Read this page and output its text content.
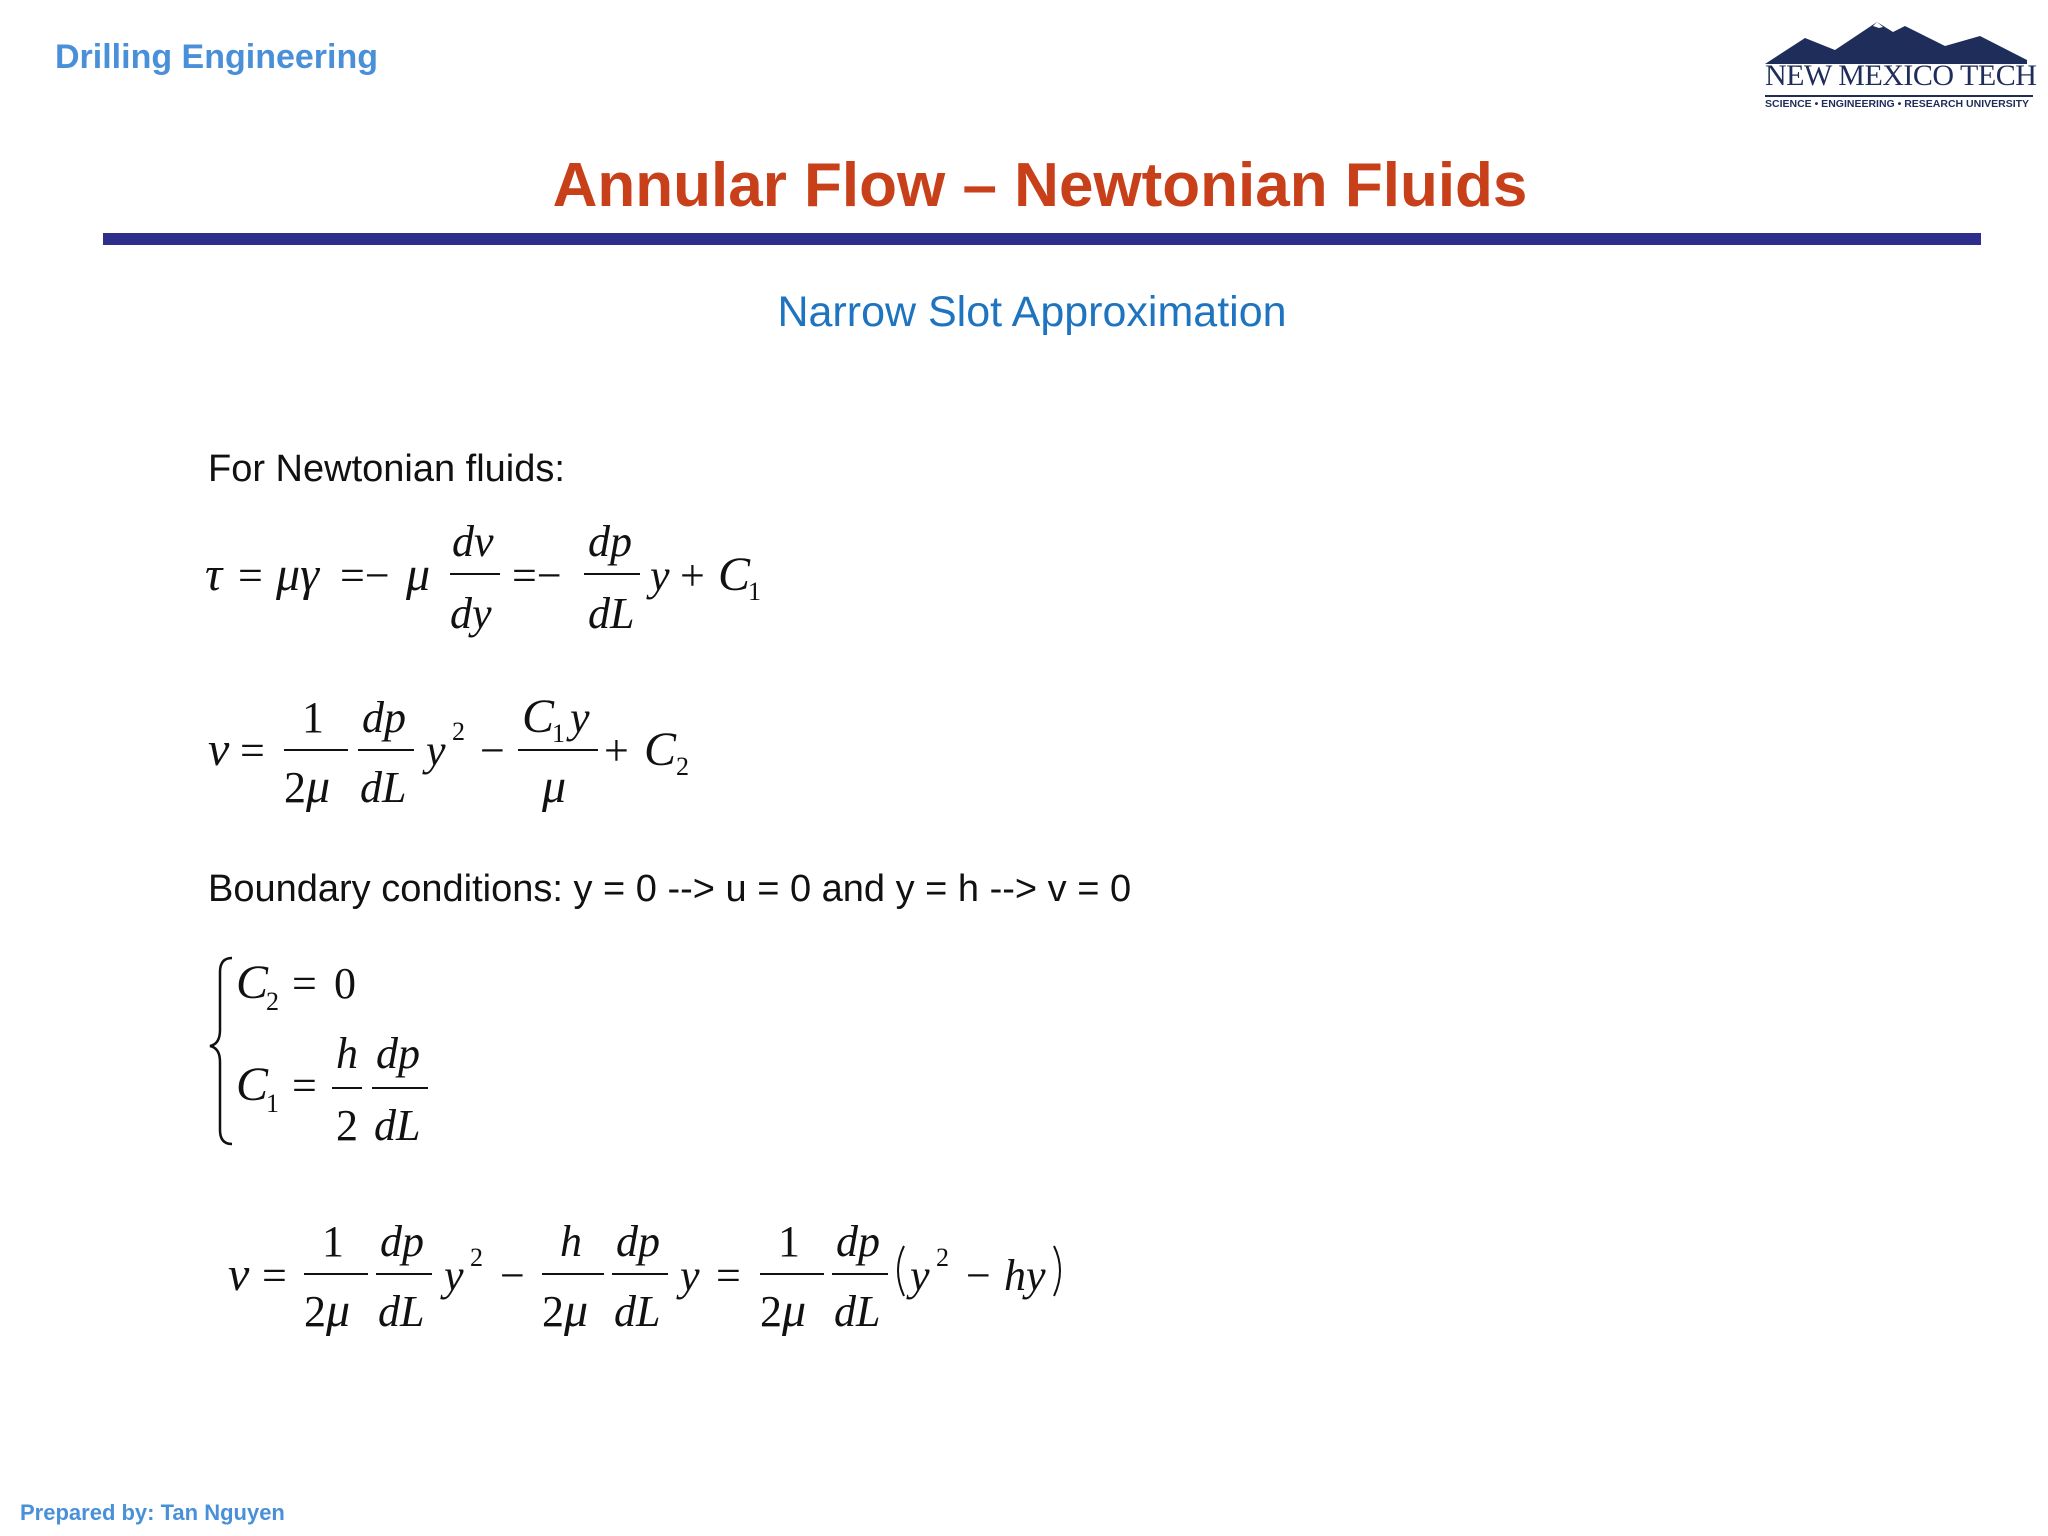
Drilling Engineering	NEW MEXICO TECH
SCIENCE • ENGINEERING • RESEARCH UNIVERSITY
Annular Flow – Newtonian Fluids
Narrow Slot Approximation
For Newtonian fluids:
Boundary conditions: y = 0 --> u = 0 and y = h --> v = 0
τ = μγ =− μ
dv
dy
=−
dp
dL
y + C
1
v =
1
2 μ
dp
dL
y 2 −
C
1 y
μ
+ C 2
C
2 = 0
C
1 =
h
2
dp
dL
v =
1
2 μ
dp
dL
y 2 −
h
2 μ
dp
dL
y =
1
2 μ
dp
dL
y 2 − hy
Prepared by: Tan Nguyen
